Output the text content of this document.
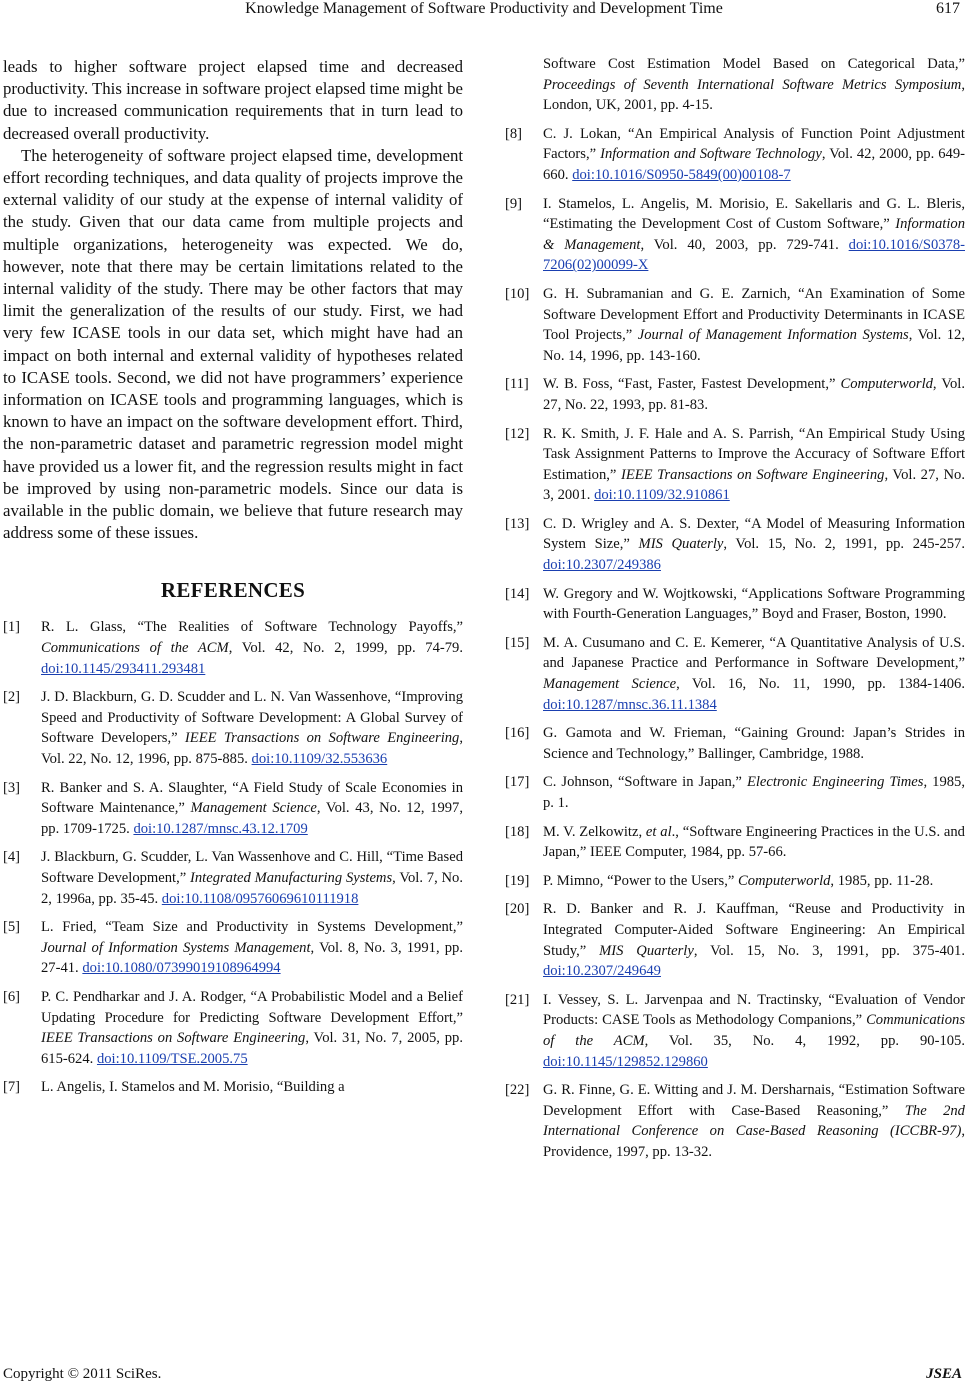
Knowledge Management of Software Productivity and Development Time	617

leads to higher software project elapsed time and decreased productivity. This increase in software project elapsed time might be due to increased communication requirements that in turn lead to decreased overall productivity.

The heterogeneity of software project elapsed time, development effort recording techniques, and data quality of projects improve the external validity of our study at the expense of internal validity of the study. Given that our data came from multiple projects and multiple organizations, heterogeneity was expected. We do, however, note that there may be certain limitations related to the internal validity of the study. There may be other factors that may limit the generalization of the results of our study. First, we had very few ICASE tools in our data set, which might have had an impact on both internal and external validity of hypotheses related to ICASE tools. Second, we did not have programmers’ experience information on ICASE tools and programming languages, which is known to have an impact on the software development effort. Third, the non-parametric dataset and parametric regression model might have provided us a lower fit, and the regression results might in fact be improved by using non-parametric models. Since our data is available in the public domain, we believe that future research may address some of these issues.

REFERENCES
[1]	R. L. Glass, “The Realities of Software Technology Payoffs,” Communications of the ACM, Vol. 42, No. 2, 1999, pp. 74-79. doi:10.1145/293411.293481
[2]	J. D. Blackburn, G. D. Scudder and L. N. Van Wassenhove, “Improving Speed and Productivity of Software Development: A Global Survey of Software Developers,” IEEE Transactions on Software Engineering, Vol. 22, No. 12, 1996, pp. 875-885. doi:10.1109/32.553636
[3]	R. Banker and S. A. Slaughter, “A Field Study of Scale Economies in Software Maintenance,” Management Science, Vol. 43, No. 12, 1997, pp. 1709-1725. doi:10.1287/mnsc.43.12.1709
[4]	J. Blackburn, G. Scudder, L. Van Wassenhove and C. Hill, “Time Based Software Development,” Integrated Manufacturing Systems, Vol. 7, No. 2, 1996a, pp. 35-45. doi:10.1108/09576069610111918
[5]	L. Fried, “Team Size and Productivity in Systems Development,” Journal of Information Systems Management, Vol. 8, No. 3, 1991, pp. 27-41. doi:10.1080/07399019108964994
[6]	P. C. Pendharkar and J. A. Rodger, “A Probabilistic Model and a Belief Updating Procedure for Predicting Software Development Effort,” IEEE Transactions on Software Engineering, Vol. 31, No. 7, 2005, pp. 615-624. doi:10.1109/TSE.2005.75
[7]	L. Angelis, I. Stamelos and M. Morisio, “Building a
Software Cost Estimation Model Based on Categorical Data,” Proceedings of Seventh International Software Metrics Symposium, London, UK, 2001, pp. 4-15.
[8]	C. J. Lokan, “An Empirical Analysis of Function Point Adjustment Factors,” Information and Software Technology, Vol. 42, 2000, pp. 649-660. doi:10.1016/S0950-5849(00)00108-7
[9]	I. Stamelos, L. Angelis, M. Morisio, E. Sakellaris and G. L. Bleris, “Estimating the Development Cost of Custom Software,” Information & Management, Vol. 40, 2003, pp. 729-741. doi:10.1016/S0378-7206(02)00099-X
[10] G. H. Subramanian and G. E. Zarnich, “An Examination of Some Software Development Effort and Productivity Determinants in ICASE Tool Projects,” Journal of Management Information Systems, Vol. 12, No. 14, 1996, pp. 143-160.
[11] W. B. Foss, “Fast, Faster, Fastest Development,” Computerworld, Vol. 27, No. 22, 1993, pp. 81-83.
[12] R. K. Smith, J. F. Hale and A. S. Parrish, “An Empirical Study Using Task Assignment Patterns to Improve the Accuracy of Software Effort Estimation,” IEEE Transactions on Software Engineering, Vol. 27, No. 3, 2001. doi:10.1109/32.910861
[13] C. D. Wrigley and A. S. Dexter, “A Model of Measuring Information System Size,” MIS Quaterly, Vol. 15, No. 2, 1991, pp. 245-257. doi:10.2307/249386
[14] W. Gregory and W. Wojtkowski, “Applications Software Programming with Fourth-Generation Languages,” Boyd and Fraser, Boston, 1990.
[15] M. A. Cusumano and C. E. Kemerer, “A Quantitative Analysis of U.S. and Japanese Practice and Performance in Software Development,” Management Science, Vol. 16, No. 11, 1990, pp. 1384-1406. doi:10.1287/mnsc.36.11.1384
[16] G. Gamota and W. Frieman, “Gaining Ground: Japan’s Strides in Science and Technology,” Ballinger, Cambridge, 1988.
[17] C. Johnson, “Software in Japan,” Electronic Engineering Times, 1985, p. 1.
[18] M. V. Zelkowitz, et al., “Software Engineering Practices in the U.S. and Japan,” IEEE Computer, 1984, pp. 57-66.
[19] P. Mimno, “Power to the Users,” Computerworld, 1985, pp. 11-28.
[20] R. D. Banker and R. J. Kauffman, “Reuse and Productivity in Integrated Computer-Aided Software Engineering: An Empirical Study,” MIS Quarterly, Vol. 15, No. 3, 1991, pp. 375-401. doi:10.2307/249649
[21] I. Vessey, S. L. Jarvenpaa and N. Tractinsky, “Evaluation of Vendor Products: CASE Tools as Methodology Companions,” Communications of the ACM, Vol. 35, No. 4, 1992, pp. 90-105. doi:10.1145/129852.129860
[22] G. R. Finne, G. E. Witting and J. M. Dersharnais, “Estimation Software Development Effort with Case-Based Reasoning,” The 2nd International Conference on Case-Based Reasoning (ICCBR-97), Providence, 1997, pp. 13-32.
Copyright © 2011 SciRes.	JSEA
